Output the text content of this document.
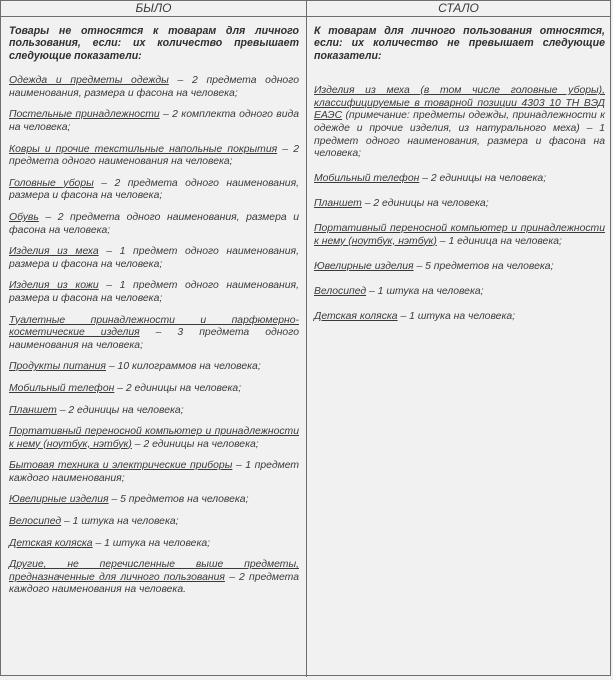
БЫЛО	СТАЛО

Товары не относятся к товарам для личного пользования, если: их количество превышает следующие показатели:

Одежда и предметы одежды – 2 предмета одного наименования, размера и фасона на человека;
Постельные принадлежности – 2 комплекта одного вида на человека;
Ковры и прочие текстильные напольные покрытия – 2 предмета одного наименования на человека;
Головные уборы – 2 предмета одного наименования, размера и фасона на человека;
Обувь – 2 предмета одного наименования, размера и фасона на человека;
Изделия из меха – 1 предмет одного наименования, размера и фасона на человека;
Изделия из кожи – 1 предмет одного наименования, размера и фасона на человека;
Туалетные принадлежности и парфюмерно-косметические изделия – 3 предмета одного наименования на человека;
Продукты питания – 10 килограммов на человека;
Мобильный телефон – 2 единицы на человека;
Планшет – 2 единицы на человека;
Портативный переносной компьютер и принадлежности к нему (ноутбук, нэтбук) – 2 единицы на человека;
Бытовая техника и электрические приборы – 1 предмет каждого наименования;
Ювелирные изделия – 5 предметов на человека;
Велосипед – 1 штука на человека;
Детская коляска – 1 штука на человека;
Другие, не перечисленные выше предметы, предназначенные для личного пользования – 2 предмета каждого наименования на человека.

К товарам для личного пользования относятся, если: их количество не превышает следующие показатели:

Изделия из меха (в том числе головные уборы), классифицируемые в товарной позиции 4303 10 ТН ВЭД ЕАЭС (примечание: предметы одежды, принадлежности к одежде и прочие изделия, из натурального меха) – 1 предмет одного наименования, размера и фасона на человека;
Мобильный телефон – 2 единицы на человека;
Планшет – 2 единицы на человека;
Портативный переносной компьютер и принадлежности к нему (ноутбук, нэтбук) – 1 единица на человека;
Ювелирные изделия – 5 предметов на человека;
Велосипед – 1 штука на человека;
Детская коляска – 1 штука на человека;
